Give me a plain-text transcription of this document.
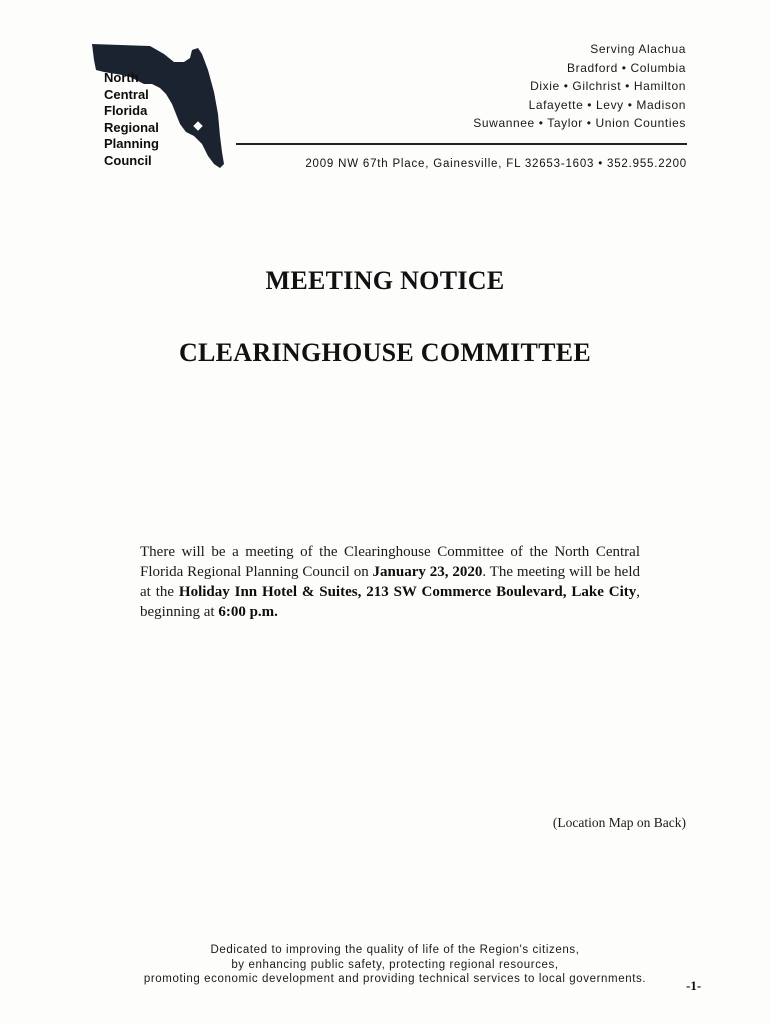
North
Central
Florida
Regional
Planning
Council
Serving Alachua
Bradford • Columbia
Dixie • Gilchrist • Hamilton
Lafayette • Levy • Madison
Suwannee • Taylor • Union Counties
2009 NW 67th Place, Gainesville, FL 32653-1603 • 352.955.2200
MEETING NOTICE
CLEARINGHOUSE COMMITTEE
There will be a meeting of the Clearinghouse Committee of the North Central Florida Regional Planning Council on January 23, 2020. The meeting will be held at the Holiday Inn Hotel & Suites, 213 SW Commerce Boulevard, Lake City, beginning at 6:00 p.m.
(Location Map on Back)
Dedicated to improving the quality of life of the Region's citizens,
by enhancing public safety, protecting regional resources,
promoting economic development and providing technical services to local governments.	-1-
